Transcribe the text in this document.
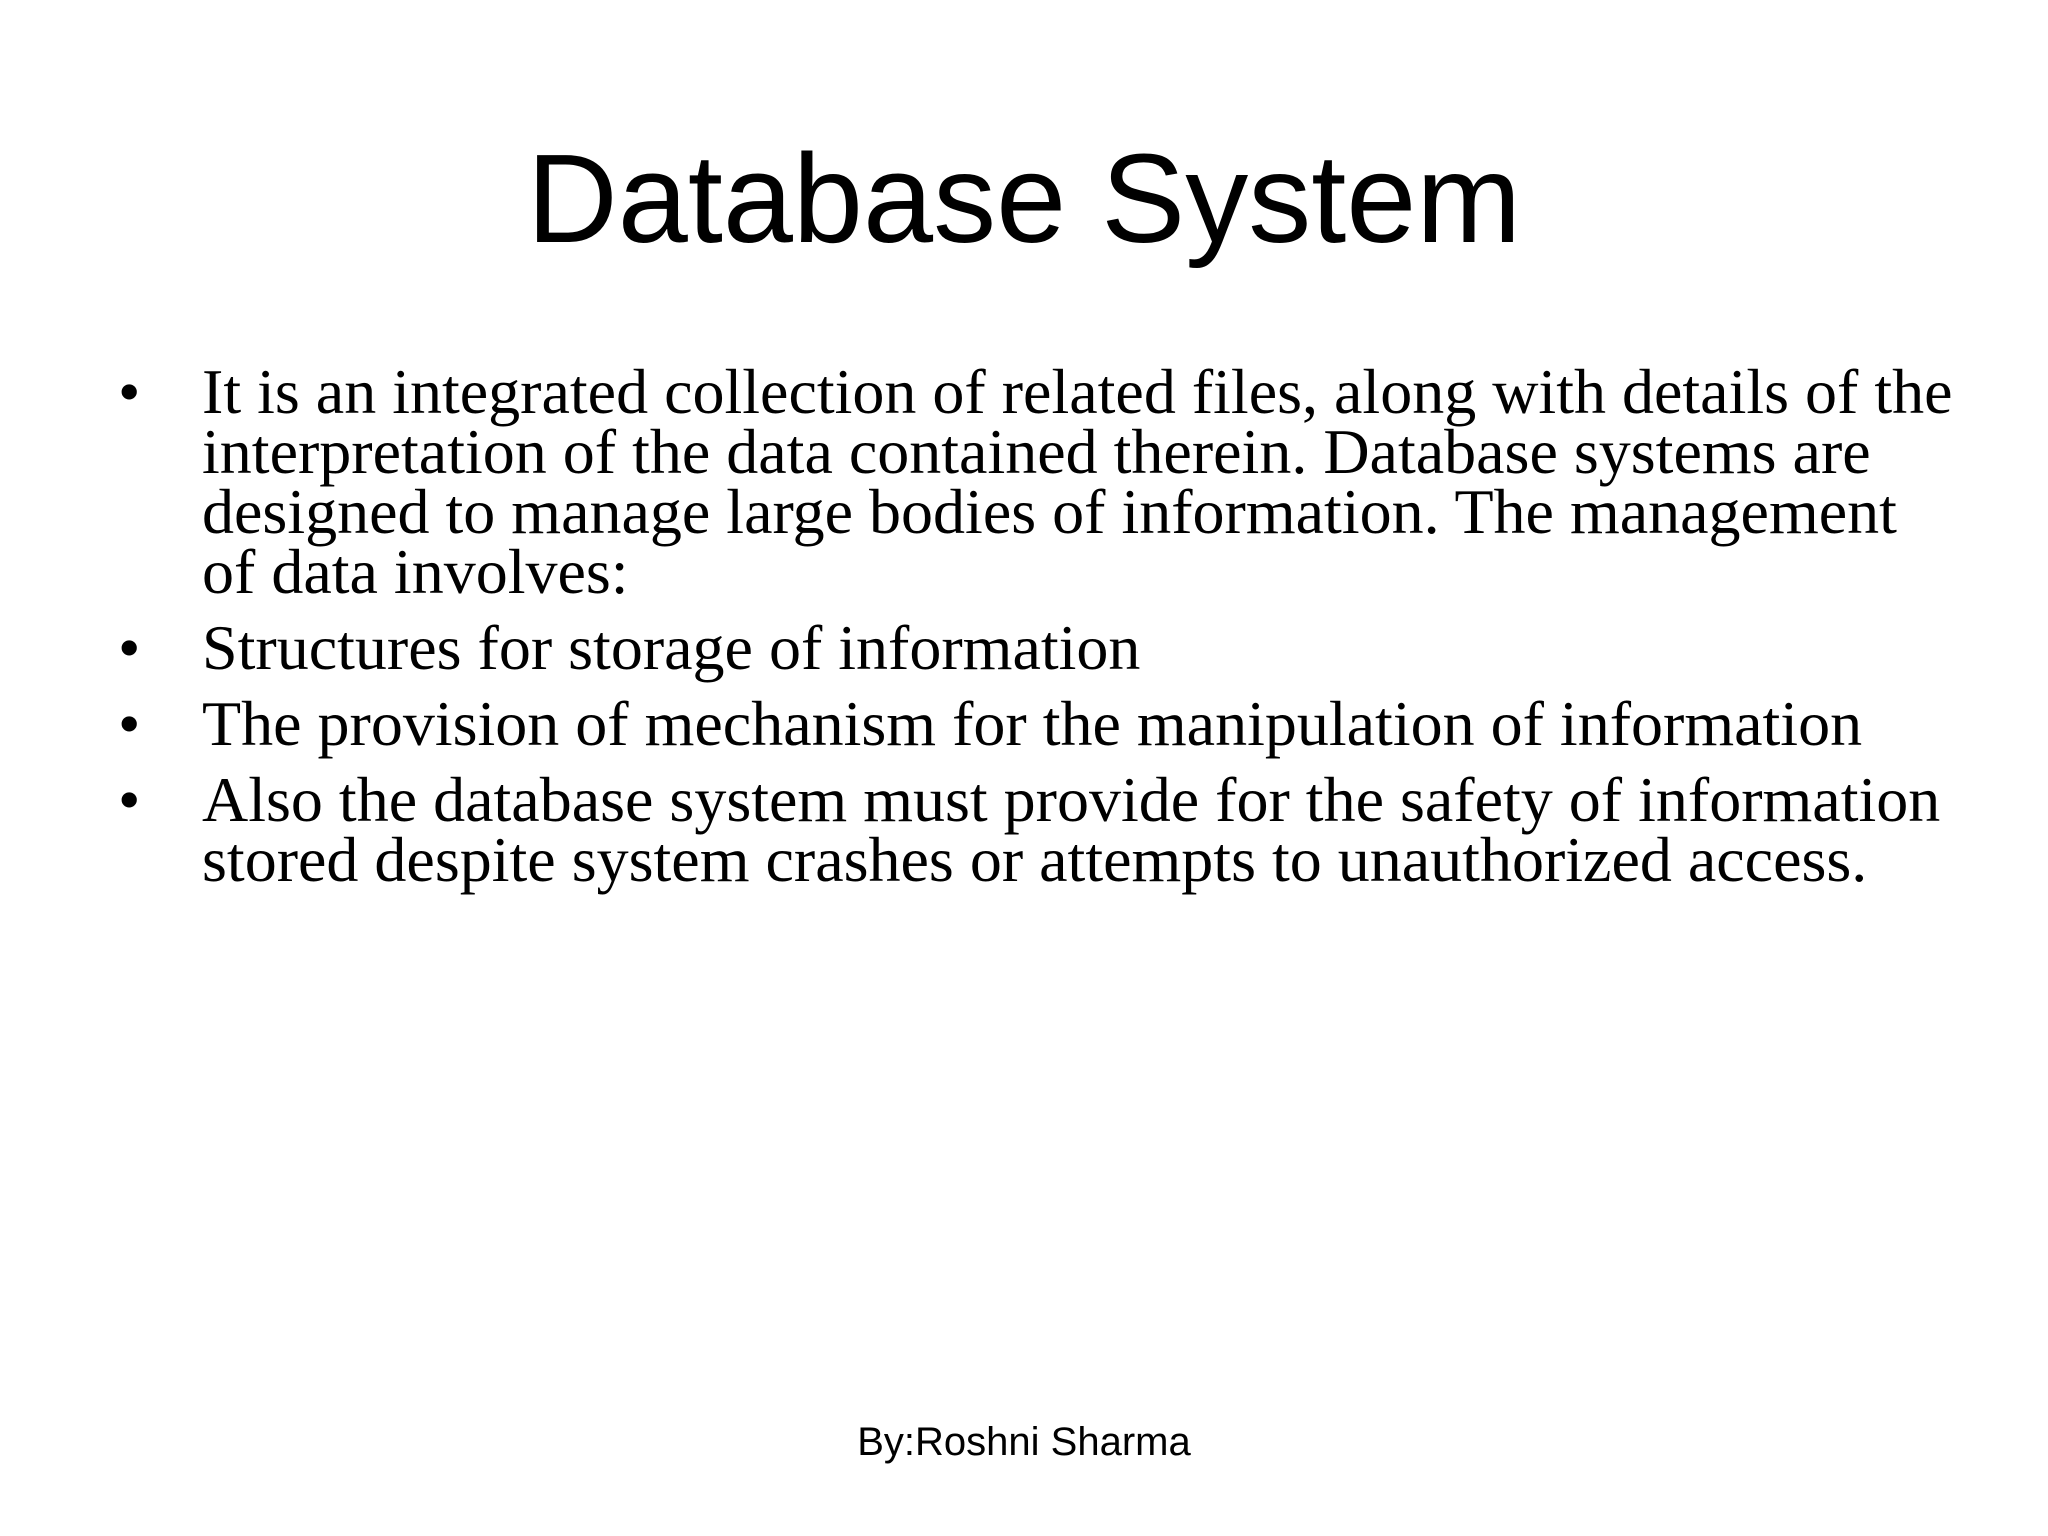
Database System
• It is an integrated collection of related files, along with details of the interpretation of the data contained therein. Database systems are designed to manage large bodies of information. The management of data involves:
• Structures for storage of information
• The provision of mechanism for the manipulation of information
• Also the database system must provide for the safety of information stored despite system crashes or attempts to unauthorized access.
By:Roshni Sharma
